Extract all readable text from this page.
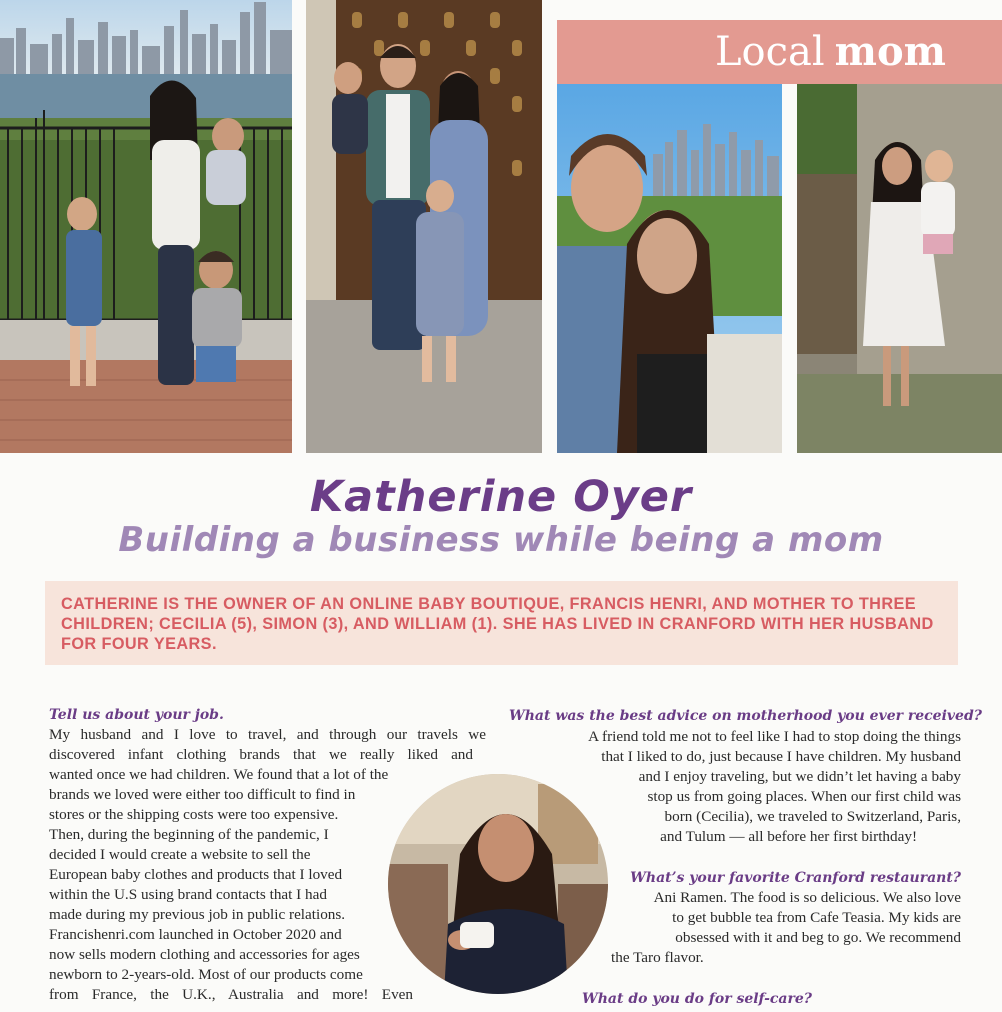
Local mom
Katherine Oyer
Building a business while being a mom
CATHERINE IS THE OWNER OF AN ONLINE BABY BOUTIQUE, FRANCIS HENRI, AND MOTHER TO THREE CHILDREN; CECILIA (5), SIMON (3), AND WILLIAM (1). SHE HAS LIVED IN CRANFORD WITH HER HUSBAND FOR FOUR YEARS.
Tell us about your job.
My husband and I love to travel, and through our travels we
discovered infant clothing brands that we really liked and
wanted once we had children. We found that a lot of the
brands we loved were either too difficult to find in
stores or the shipping costs were too expensive.
Then, during the beginning of the pandemic, I
decided I would create a website to sell the
European baby clothes and products that I loved
within the U.S using brand contacts that I had
made during my previous job in public relations.
Francishenri.com launched in October 2020 and
now sells modern clothing and accessories for ages
newborn to 2-years-old. Most of our products come
from France, the U.K., Australia and more! Even
What was the best advice on motherhood you ever received?
A friend told me not to feel like I had to stop doing the things
that I liked to do, just because I have children. My husband
and I enjoy traveling, but we didn’t let having a baby
stop us from going places. When our first child was
born (Cecilia), we traveled to Switzerland, Paris,
and Tulum — all before her first birthday!
What’s your favorite Cranford restaurant?
Ani Ramen. The food is so delicious. We also love
to get bubble tea from Cafe Teasia. My kids are
obsessed with it and beg to go. We recommend
the Taro flavor.
What do you do for self-care?
